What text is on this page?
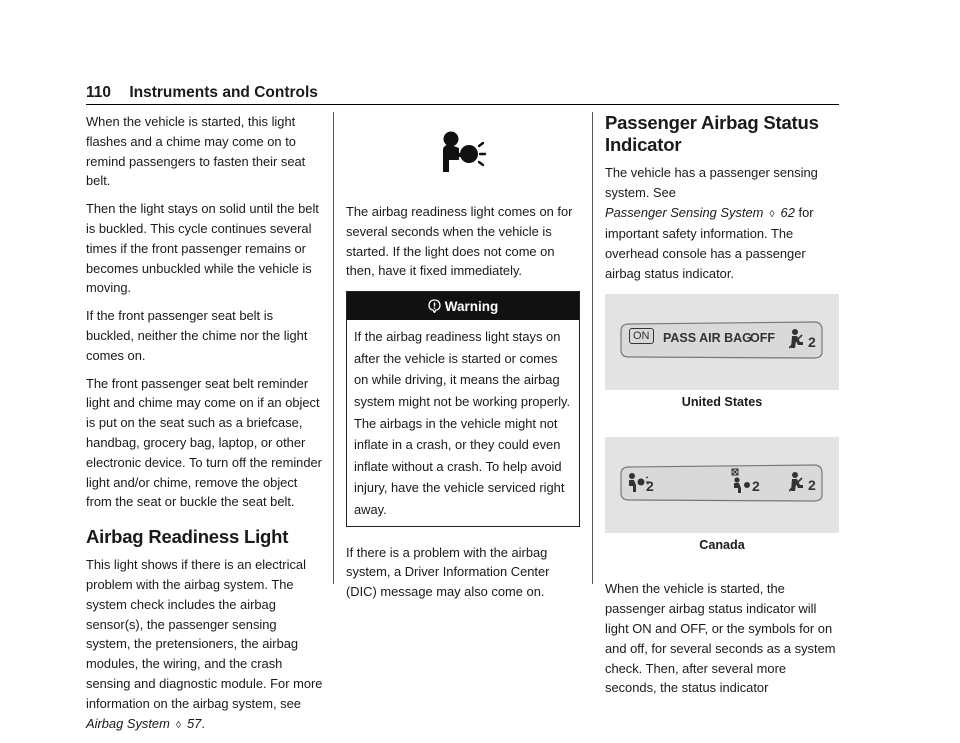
110 Instruments and Controls

When the vehicle is started, this light flashes and a chime may come on to remind passengers to fasten their seat belt.

Then the light stays on solid until the belt is buckled. This cycle continues several times if the front passenger remains or becomes unbuckled while the vehicle is moving.

If the front passenger seat belt is buckled, neither the chime nor the light comes on.

The front passenger seat belt reminder light and chime may come on if an object is put on the seat such as a briefcase, handbag, grocery bag, laptop, or other electronic device. To turn off the reminder light and/or chime, remove the object from the seat or buckle the seat belt.

Airbag Readiness Light

This light shows if there is an electrical problem with the airbag system. The system check includes the airbag sensor(s), the passenger sensing system, the pretensioners, the airbag modules, the wiring, and the crash sensing and diagnostic module. For more information on the airbag system, see Airbag System ◊ 57.

The airbag readiness light comes on for several seconds when the vehicle is started. If the light does not come on then, have it fixed immediately.

Warning
If the airbag readiness light stays on after the vehicle is started or comes on while driving, it means the airbag system might not be working properly. The airbags in the vehicle might not inflate in a crash, or they could even inflate without a crash. To help avoid injury, have the vehicle serviced right away.

If there is a problem with the airbag system, a Driver Information Center (DIC) message may also come on.

Passenger Airbag Status Indicator

The vehicle has a passenger sensing system. See Passenger Sensing System ◊ 62 for important safety information. The overhead console has a passenger airbag status indicator.

ON	PASS AIR BAG
OFF 2
United States
2	2	2
Canada

When the vehicle is started, the passenger airbag status indicator will light ON and OFF, or the symbols for on and off, for several seconds as a system check. Then, after several more seconds, the status indicator
